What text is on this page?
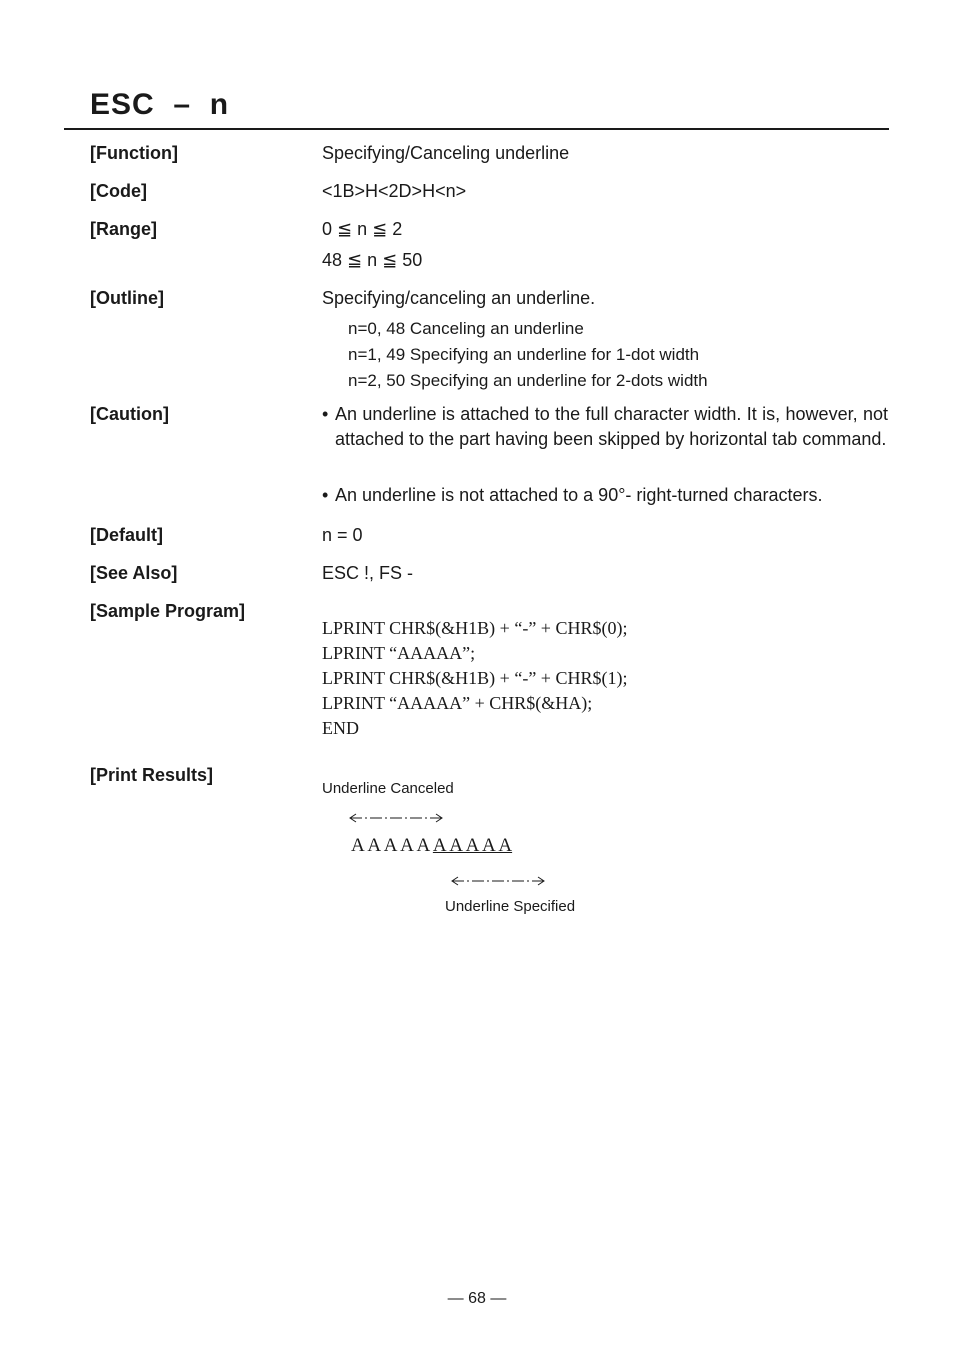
ESC  –  n
[Function]	Specifying/Canceling underline
[Code]	<1B>H<2D>H<n>
[Range]	0 ≦ n ≦ 2
48 ≦ n ≦ 50
[Outline]	Specifying/canceling an underline.
n=0, 48 Canceling an underline
n=1, 49 Specifying an underline for 1-dot width
n=2, 50 Specifying an underline for 2-dots width
[Caution]	• An underline is attached to the full character width. It is, however, not attached to the part having been skipped by horizontal tab command.
• An underline is not attached to a 90°- right-turned characters.
[Default]	n = 0
[See Also]	ESC !, FS -
[Sample Program]
LPRINT CHR$(&H1B) + “-” + CHR$(0);
LPRINT “AAAAA”;
LPRINT CHR$(&H1B) + “-” + CHR$(1);
LPRINT “AAAAA” + CHR$(&HA);
END
[Print Results]
Underline Canceled
A A A A A A A A A A
Underline Specified
— 68 —
